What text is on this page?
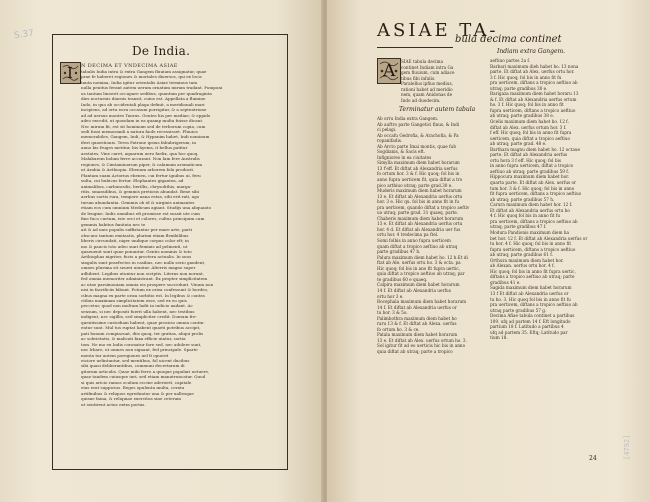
S.37
De India.
I N DECIMA ET VNDECIMA ASIAE
tabulis India intra & extra Gangem fluuium assignatur, quae
prae fe haberet regiones & mortales diuersos, qui ex locis
tanta nomina, India igitur orientalis Asiae terminus tam
nulla penitus ferant autem uerum ornatum mirum tradant. Pomponi
us tantum lineerit occupare sedibus, quantum per quadraginta
dies nocturnis diurnis transit, cuius est. Appellata a flumine
Indo, in quo ab occidentali plaga definit, a meridionali mari
incipiens, ad ortu eoru occasum porrigitur, & a septentrione
ad ad uersus montes Taurus. Gentes his per mediae; & eppido
adeo excedit, ut quosdam in ea quamp multa fuisse dicant.
Nec mirum fit, est sit hominum sed de terborum copia, cum
sedi fussi memorandi a natura faole recessisset. Fluuios
memorabiles, Gangem, Indi, & Hypanim habet, Indi nominum
ifest quaestionis. Terra Patrone ipsius fabubrigerum, in
anno bis fruges metitur, bis hyems, it bellus patitur
aestates, Vine caret, aquarum uero faelix, qua hoc quoq.
Malabarem bolum ferre accurant. Non lam fere Australis
regiones, & Cimtaminorum piper, & calamum aromaticum
ut Arabia & Aethiopia. Ebenum arborem fola producit.
Plantam suam Actorius ebenen, cui fertur ignibus ui, feru
sulta, cui bubicus fertur. Elephantes gigantea, ad
animalibus, carbunculis, berillis, chrysolithis, marga-
ritis, smaradibus, & gemmis pretiosis abundat. Bene sibi
aerbus sortis rura, tempore uana estas, sibi erit rati, ago
turum abundantia. Gemmis ob id & uirginis animantes
etiam eos cum omnium Medicum agiant. Studijs una aliquanto
de lengine. Indis omnibus efi promisse est sussit ute cum
fine fuco curtum, iste orci et colores, cultus principum cum
gemmis habitus fanitata nec te
ait & ad unis populis suffistantur per mare arte, parti
obscura tantum emitastis, plurimi etiam flexibilibus
liberis circundati, niger undique corpus color eft; in
mo & paucis toto adeo sunt feminis ad pelmenti, ut
quaeuenit sunt quae ponuntur. Gentis nominis & toto
Aethiophas nigriter, fucis a proctera actualis. In suos
singulis sunt praefectes in casibus, nec nulla serio gaudent,
omnes plurima sit seueri uiuntur. Alterris magno super
adhibent. Legibus utuntur non scriptis. Literas non norunt,
fed omnia memoriter administrant. Ex propter simplicitatem
ac utae parsimoniam omnia eis prospere succedunt. Vinum non
nisi in facrificiis bibunt. Potum ex oriza confessunt & bordeo,
cibus magna ex parte oriza sorbitio est. In legibus & contra
ctibus maximam simplicitatem esse, sed ex eo quis
peccetur, quod non multum ladit in iudicio uadant. Ac
sensum, si nec depositi fuerit ulla habent, nec testibus
indigent, nec sigillis, sed simpliciter credit. Domum fre-
quentissime custodiam habent, quae prosicio omnia contin-
entur sunt. Mul tus ruptat habent quaeti potribus accipit,
pati bonum compiacuat, diis quoq. ter gratias, aliqui prolis
ac sobrietatis, & malicati faxa efficie utatur, sortia
tom. Ne mo ex Indis coronatur fore sed, nec adulere sunt,
nec lrbare, ut omnes non signant, fed principale. Sparte
menta tur autem poregiones uel fi opuerit
eiciore uelintuntur, sed mentibus, fol uicent ducibus
sibi quasi deliberantibus, communi decretarum di
gitorum articulis. Quae mihi ferro a quoque populari uetuere,
quae tandem cuiusque iuri, sed etiam manutruncatur. Quod
si quis aricio ramos oculum eccine aderierit, capitale
eius erat suppicius. Reges opulentu multa, ceratu
artifinibus & reliquos egreduntur una & per uallesque
quisne fama, & reliquiae exercitus sine ceterum
ut sentirent actus extra portas.
ASIAE TA-
bula decima continet
Indiam extra Gangem.
A SIAE tabula decima
continet Indiam intra Ga
gem fluuium, cum adiace
tibus fibi infulis.
Paralellus ipfius medius,
rationi habet ad meridio
nem, quam Anidonas de
Indo ad duodecim.
Terminatur autem tabula
Ab orru India extra Gangem.
Ab auftro parte Gangetici finus, & Indi
ci pelagi.
Ab occafu Gedrofia, & Arachofia, & Pa
ropanifadis.
Ab Arcto parte Imai montis, quae fub
Sogdianis, & Sacis eft.
Infigniores in ea ciuitates
Simylla maximum diem habet horarum
13 f'eff. Et diftat ab Alexandria uerfus
fo ortum hor. 3 & f. Hic quoq; fol bis in
anno fupra uerticem fit, quia diftat a tro
pico arthiuo utraq; parte grad.30 e.
Muderis maximum diem habet horarum
13 e. Et diftat ab Alexandria uerfus ortu
hor. 3 e. Hic qu. fol bis in anno fit in fu
pra uerticem, quando diftat a tropico aeftiv
uo utraq; parte grad. 31 quaeq. parte.
Chaberis maximum diem habet horarum
13 e. Et diftat ab Alexandria uerfus ortu
hor. 4 d. Et diftat ab Alexandria uer fus
ortu hor. 4 tredecima pa ftel.
Somi folbis in anno fupra uerticem
quam diftat a tropico aeftiuo ab utraq
parte gradibus 47 h.
Palura maximum diem habet ho. 12 h.Et di
ftat ab Ale. uerfus ortu ho. 3 & octa. pa
Hic quoq; fol bis in ano fit fupra uertic,
quia diftat a tropico aeftiuo ab utraq; par
te gradibus 60 e quaeq.
Calpira maximum diem habet horarum
14 f. Et diftat ab Alexandria uerfus
ortu hor 3 e.
Bocephala maximum diem habet horarum
14 f. Et diftat ab Alexandria uerfus or
tu hor. 3 & 5o.
Palimbothra maximum diem habet ho
raru 13 & f. Et diftat ab Alexa. uerfus
fo ortum ho. 3 & ce.
Patala maximum diem habet horarum
13 e. Et diftat ab Alex. uerfus ortum ho. 3.
Sol igitur fit ad eo uerticis hic bis in anno
quia diftat ab utraq; parte a tropico
aeftiuo partes 2a f.
Barbari maximum dieh habet ho. 13 nona
parte. Et diftat ab Alex. uerfus ortu hor.
3 f. Hic quoq; fol bis in anno fit fu
pra uerticem, diftans a tropico aeftiuo ab
utraq; parte gradibus 30 e.
Barigaza maximum diem habet horaru 13
& f. Et diftat ab Alexandria uerfus ortum
ho. 3 f. Hic quoq; fol bis in anno fit
fupra uerticem, diftans a tropico aeftiuo
ab utraq; parte gradibus 38 e.
Ocelis maximum diem habet ho. 12 f.
diftat ab Alex. uerfus ortum hor. 3 f.
f eff. Hic quoq; fol bis in anno fit fupra
uerticem, quia diftat a tropico aeftiuo
ab utraq; parte grad. 48 e.
Barthara magnu diem habet ho. 12 octaue
parte. Et diftat ab Alexandria uerfus
ortu hora 3 f eff. Hic quoq; fol bis
in anno fupra uerticem, diftat a tropico
aeftiuo ab utraq; parte gradibus 59 f.
Hippocura maximum diem habet hor.
quarta parte. Et diftat ab Alex. uerfus or
tum hor. 3 & f. Hic quoq; fol bis in anno
fit fupra uerticem, diftans a tropico aeftiuo
ab utraq; parte gradibus 57 h.
Carura maximum diem habet hor. 12 f.
Et diftat ab Alexandria uerfus ortu ho
4 f. Hic quoq fol bis in anno fit fu
pra uerticem, diftans a tropico aeftiuo ab
utraq; parte gradibus 47 f.
Modura Pandionis maximum diem ha
bet hor. 12 f. Et diftat ab Alexandria uerfus or
tu hor. 4 f. Hic quoq; fol bis in anno fit
fupra uerticem, diftans a tropico aeftiuo
ab utraq; parte gradibus 61 f.
Orthura maximum diem habet hor.
ab Alexan. uerfus ortu hor. 4 f.
Hic quoq; fol bis in anno fit fupra uertic,
diftans a tropico aeftiuo ab utraq; parte
gradibus 41 e.
Sagida maximum diem habet horarum
13 f Et diftat ab Alexandria uerfus or
tu ho. 3. Hic quoq fol bis in anno fit fu
pra uerticem, diftans a tropico aeftiuo ab
utraq parte gradibus 57 g.
Decima Afiae tabula continet a partibus
109. ufq ad partem 14 f. Eft longitudo
partium 18 f. Latitudo a partibus 4
ufq ad partem 35. Eftq; Latitudo par
tium 18.
24	[4792]
